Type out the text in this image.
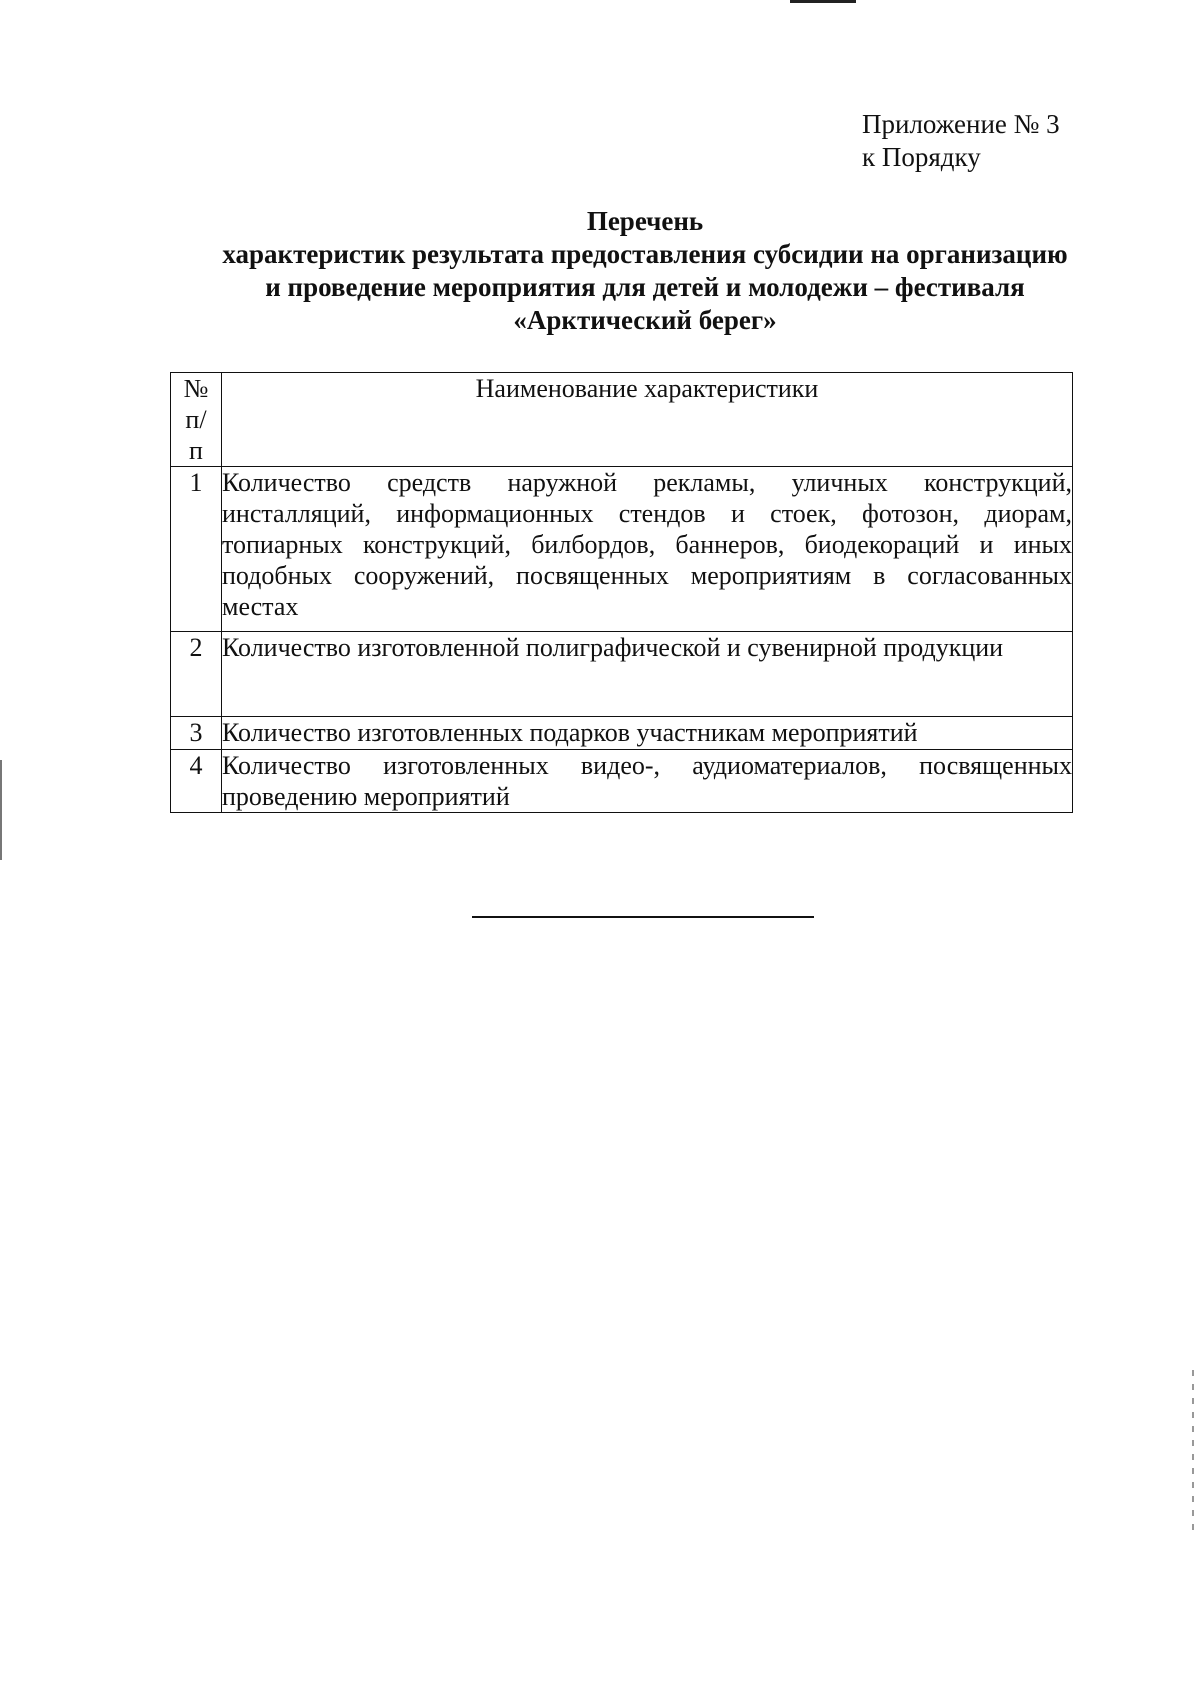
Приложение № 3
к Порядку
Перечень
характеристик результата предоставления субсидии на организацию
и проведение мероприятия для детей и молодежи – фестиваля
«Арктический берег»
№
п/
п	Наименование характеристики
1	Количество средств наружной рекламы, уличных конструкций, инсталляций, информационных стендов и стоек, фотозон, диорам, топиарных конструкций, билбордов, баннеров, биодекораций и иных подобных сооружений, посвященных мероприятиям в согласованных местах
2	Количество изготовленной полиграфической и сувенирной продукции
3	Количество изготовленных подарков участникам мероприятий
4	Количество изготовленных видео-, аудиоматериалов, посвященных проведению мероприятий
